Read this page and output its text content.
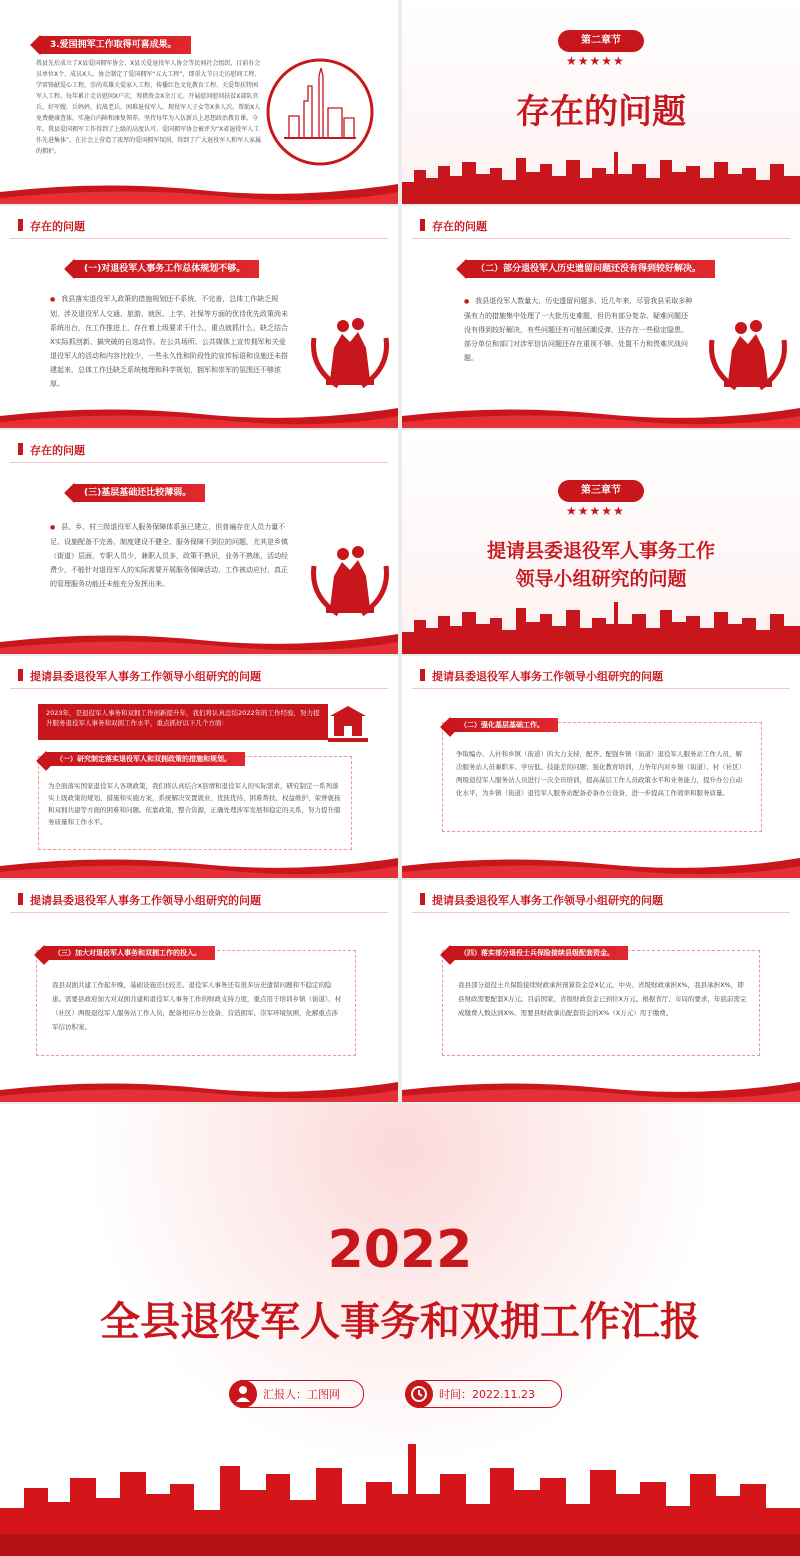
3.爱国拥军工作取得可喜成果。
我县先后成立了X县爱国拥军协会、X县关爱退役军人协会等民间社会组织，目前有会员单位X个、成员X人。协会制定了爱国拥军“五大工程”，即重大节日走访慰问工程、学雷锋献爱心工程、崇尚英雄关爱家人工程、传播红色文化教育工程、关爱帮扶特困军人工程。每年累计走访慰问X户次，筹措资金X余万元。开展慰问慰问扶贫X部队官兵、好军嫂、兵妈妈、抗战老兵、困难退役军人，现役军人子女等X多人次。帮助X人免费健康查体，实施白内障和康复领养。坚持每年为入伍新兵上思想政治教育课。今年，我县爱国拥军工作得到了上级的高度认可。爱国拥军协会被评为“X省退役军人工作先进集体”，在社会上营造了浓厚的爱国拥军氛围，得到了广大退役军人和军人家属的拥护。
第二章节
★★★★★
存在的问题
存在的问题
(一)对退役军人事务工作总体规划不够。
● 我县落实退役军人政策的措施规划还不系统、不完善，总体工作缺乏规划，涉及退役军人交通、旅游、就医、上学、社保等方面的优待优先政策尚未系统出台，在工作推进上，存在着上级要求干什么，重点就抓什么，缺乏结合X实际抓创新、搞突破的自选动作。在公共场所、公共媒体上宣传拥军和关爱退役军人的活动和内容比较少，一些永久性和阶段性的宣传标语和设施还未搭建起来，总体工作还缺乏系统梳理和科学规划，拥军和崇军的氛围还不够浓厚。
存在的问题
（二）部分退役军人历史遗留问题还没有得到较好解决。
● 我县退役军人数量大，历史遗留问题多，近几年来，尽管我县采取多种强有力的措施集中处理了一大批历史难题，但仍有部分复杂、疑难问题还没有得到较好解决，有些问题还有可能回潮反弹，还存在一些稳定隐患。部分单位和部门对涉军信访问题还存在重视不够、处置不力和畏难厌战问题。
存在的问题
(三)基层基础还比较薄弱。
● 县、乡、村三级退役军人服务保障体系虽已建立，但普遍存在人员力量不足、设施配备不完善、制度建设不健全、服务保障不到位的问题，尤其是乡镇（街道）层面，专职人员少，兼职人员多，政策不熟识，业务不熟练，活动经费少，不能针对退役军人的实际需要开展服务保障活动，工作被动应付，真正的管理服务功能还未能充分发挥出来。
第三章节
★★★★★
提请县委退役军人事务工作
领导小组研究的问题
提请县委退役军人事务工作领导小组研究的问题
2023年，是退役军人事务和双拥工作创新提升年，我们将认真总结2022年的工作经验，努力提升服务退役军人事务和双拥工作水平，重点抓好以下几个方面：
（一）研究制定落实退役军人和双拥政策的措施和规划。
为全面落实国家退役军人各项政策，我们将认真结合X县情和退役军人的实际需求，研究制定一系列落实上级政策的规划、措施和实施方案，系统解决安置就业、优抚优待、困难帮扶、权益维护、荣誉褒扬和双拥共建等方面的困难和问题。依靠政策，整合资源，正确处理涉军发展和稳定的关系，努力提升服务质量和工作水平。
提请县委退役军人事务工作领导小组研究的问题
（二）强化基层基础工作。
争取编办、人社和乡镇（街道）的大力支持，配齐、配强乡镇（街道）退役军人服务站工作人员，解决服务站人员兼职多、学历低、技能差的问题；强化教育培训，力争年内对乡镇（街道）、村（社区）两级退役军人服务站人员进行一次全员培训，提高基层工作人员政策水平和业务能力，提升办公自动化水平，为乡镇（街道）退役军人服务站配备必备办公设备，进一步提高工作效率和服务质量。
提请县委退役军人事务工作领导小组研究的问题
（三）加大对退役军人事务和双拥工作的投入。
我县双拥共建工作起步晚，基础设施还比较差。退役军人事务还有很多历史遗留问题和不稳定的隐患。需要县政府加大对双拥共建和退役军人事务工作的财政支持力度，重点用于培训乡镇（街道）、村（社区）两级退役军人服务站工作人员，配备相应办公设备，营造拥军、崇军环境氛围，化解重点涉军信访积案。
提请县委退役军人事务工作领导小组研究的问题
（四）落实部分退役士兵保险接续县级配套资金。
我县部分退役士兵保险接续财政承担预算资金是X亿元，中央、省级财政承担X%，我县承担X%，即县财政需要配套X万元。目前国家、省级财政资金已到位X万元。根据省厅、市局的要求，年底前需完成缴费人数达到X%，需要县财政拿出配套资金的X%（X万元）用于缴费。
2022
全县退役军人事务和双拥工作汇报
汇报人：工图网	时间：2022.11.23
